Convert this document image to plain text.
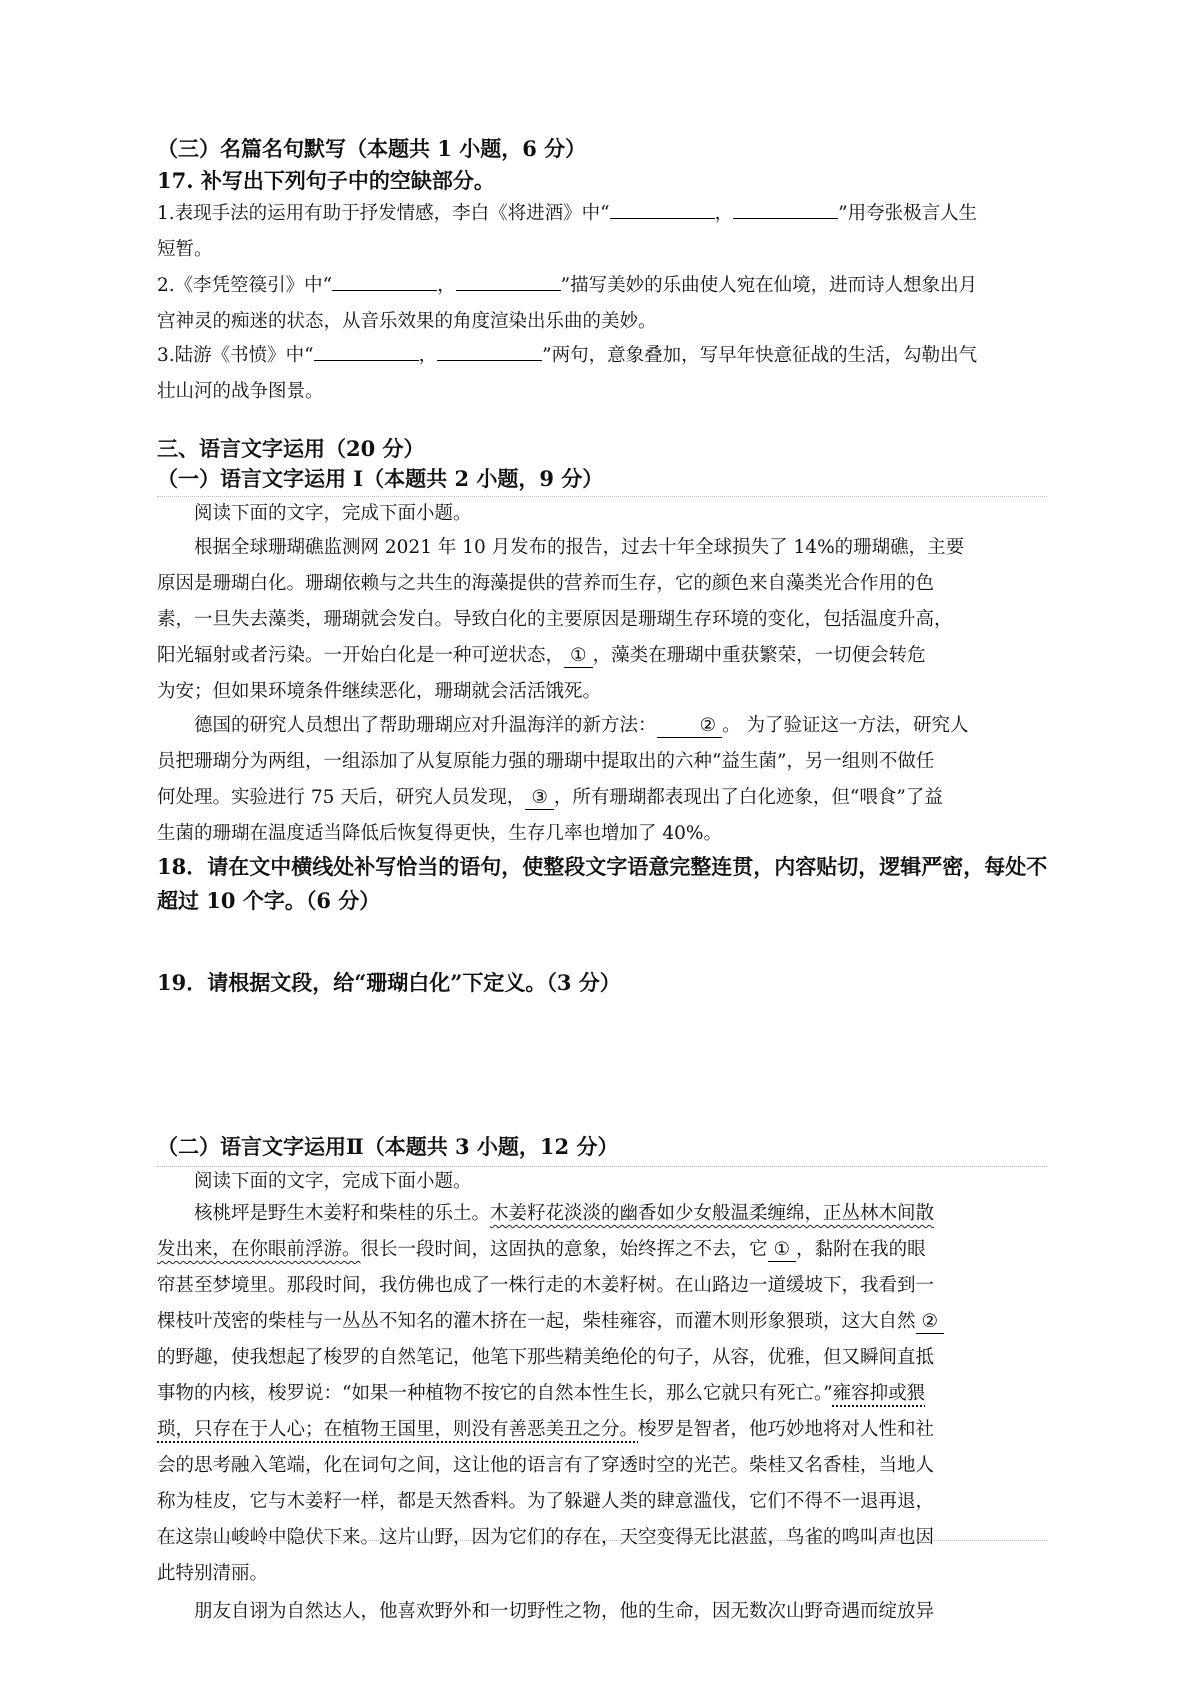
（三）名篇名句默写（本题共 1 小题，6 分）
17. 补写出下列句子中的空缺部分。
1.表现手法的运用有助于抒发情感，李白《将进酒》中“	，	”用夸张极言人生
短暂。
2.《李凭箜篌引》中“	，	”描写美妙的乐曲使人宛在仙境，进而诗人想象出月
宫神灵的痴迷的状态，从音乐效果的角度渲染出乐曲的美妙。
3.陆游《书愤》中“	，	”两句，意象叠加，写早年快意征战的生活，勾勒出气
壮山河的战争图景。
三、语言文字运用（20 分）
（一）语言文字运用 I（本题共 2 小题，9 分）
阅读下面的文字，完成下面小题。
根据全球珊瑚礁监测网 2021 年 10 月发布的报告，过去十年全球损失了 14%的珊瑚礁，主要
原因是珊瑚白化。珊瑚依赖与之共生的海藻提供的营养而生存，它的颜色来自藻类光合作用的色
素，一旦失去藻类，珊瑚就会发白。导致白化的主要原因是珊瑚生存环境的变化，包括温度升高，
阳光辐射或者污染。一开始白化是一种可逆状态， ① ，藻类在珊瑚中重获繁荣，一切便会转危
为安；但如果环境条件继续恶化，珊瑚就会活活饿死。
德国的研究人员想出了帮助珊瑚应对升温海洋的新方法： ② 。 为了验证这一方法，研究人
员把珊瑚分为两组，一组添加了从复原能力强的珊瑚中提取出的六种“益生菌”，另一组则不做任
何处理。实验进行 75 天后，研究人员发现， ③ ，所有珊瑚都表现出了白化迹象，但“喂食”了益
生菌的珊瑚在温度适当降低后恢复得更快，生存几率也增加了 40%。
18．请在文中横线处补写恰当的语句，使整段文字语意完整连贯，内容贴切，逻辑严密，每处不超过 10 个字。（6 分）
19．请根据文段，给“珊瑚白化”下定义。（3 分）
（二）语言文字运用Ⅱ（本题共 3 小题，12 分）
阅读下面的文字，完成下面小题。
核桃坪是野生木姜籽和柴桂的乐土。木姜籽花淡淡的幽香如少女般温柔缠绵，正丛林木间散
发出来，在你眼前浮游。很长一段时间，这固执的意象，始终挥之不去，它 ① ，黏附在我的眼
帘甚至梦境里。那段时间，我仿佛也成了一株行走的木姜籽树。在山路边一道缓坡下，我看到一
棵枝叶茂密的柴桂与一丛丛不知名的灌木挤在一起，柴桂雍容，而灌木则形象猥琐，这大自然 ②
的野趣，使我想起了梭罗的自然笔记，他笔下那些精美绝伦的句子，从容，优雅，但又瞬间直抵
事物的内核，梭罗说：“如果一种植物不按它的自然本性生长，那么它就只有死亡。”雍容抑或猥
琐，只存在于人心；在植物王国里，则没有善恶美丑之分。梭罗是智者，他巧妙地将对人性和社
会的思考融入笔端，化在词句之间，这让他的语言有了穿透时空的光芒。柴桂又名香桂，当地人
称为桂皮，它与木姜籽一样，都是天然香料。为了躲避人类的肆意滥伐，它们不得不一退再退，
在这崇山峻岭中隐伏下来。这片山野，因为它们的存在，天空变得无比湛蓝，鸟雀的鸣叫声也因
此特别清丽。
朋友自诩为自然达人，他喜欢野外和一切野性之物，他的生命，因无数次山野奇遇而绽放异
